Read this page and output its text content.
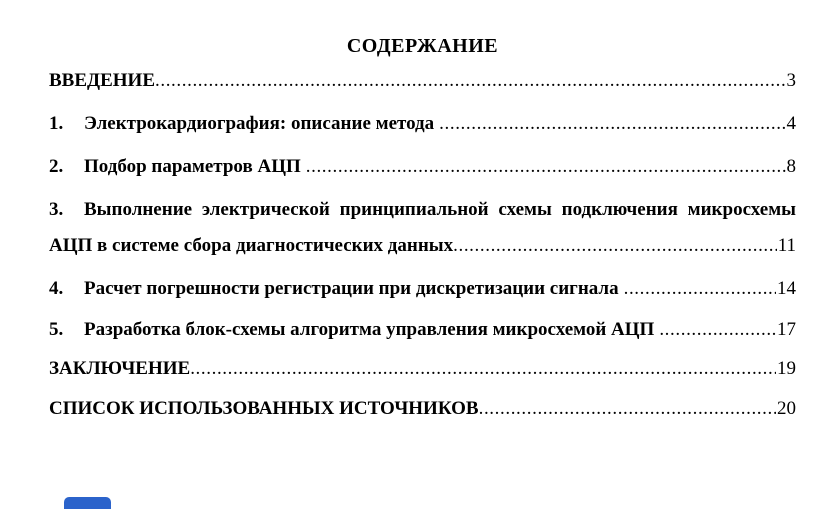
СОДЕРЖАНИЕ
ВВЕДЕНИЕ .....	3
1.	Электрокардиография: описание метода .....	4
2.	Подбор параметров АЦП .....	8
3. Выполнение электрической принципиальной схемы подключения микросхемы
АЦП в системе сбора диагностических данных .....	11
4.	Расчет погрешности регистрации при дискретизации сигнала .....	14
5.	Разработка блок-схемы алгоритма управления микросхемой АЦП .....	17
ЗАКЛЮЧЕНИЕ .....	19
СПИСОК ИСПОЛЬЗОВАННЫХ ИСТОЧНИКОВ .....	20
